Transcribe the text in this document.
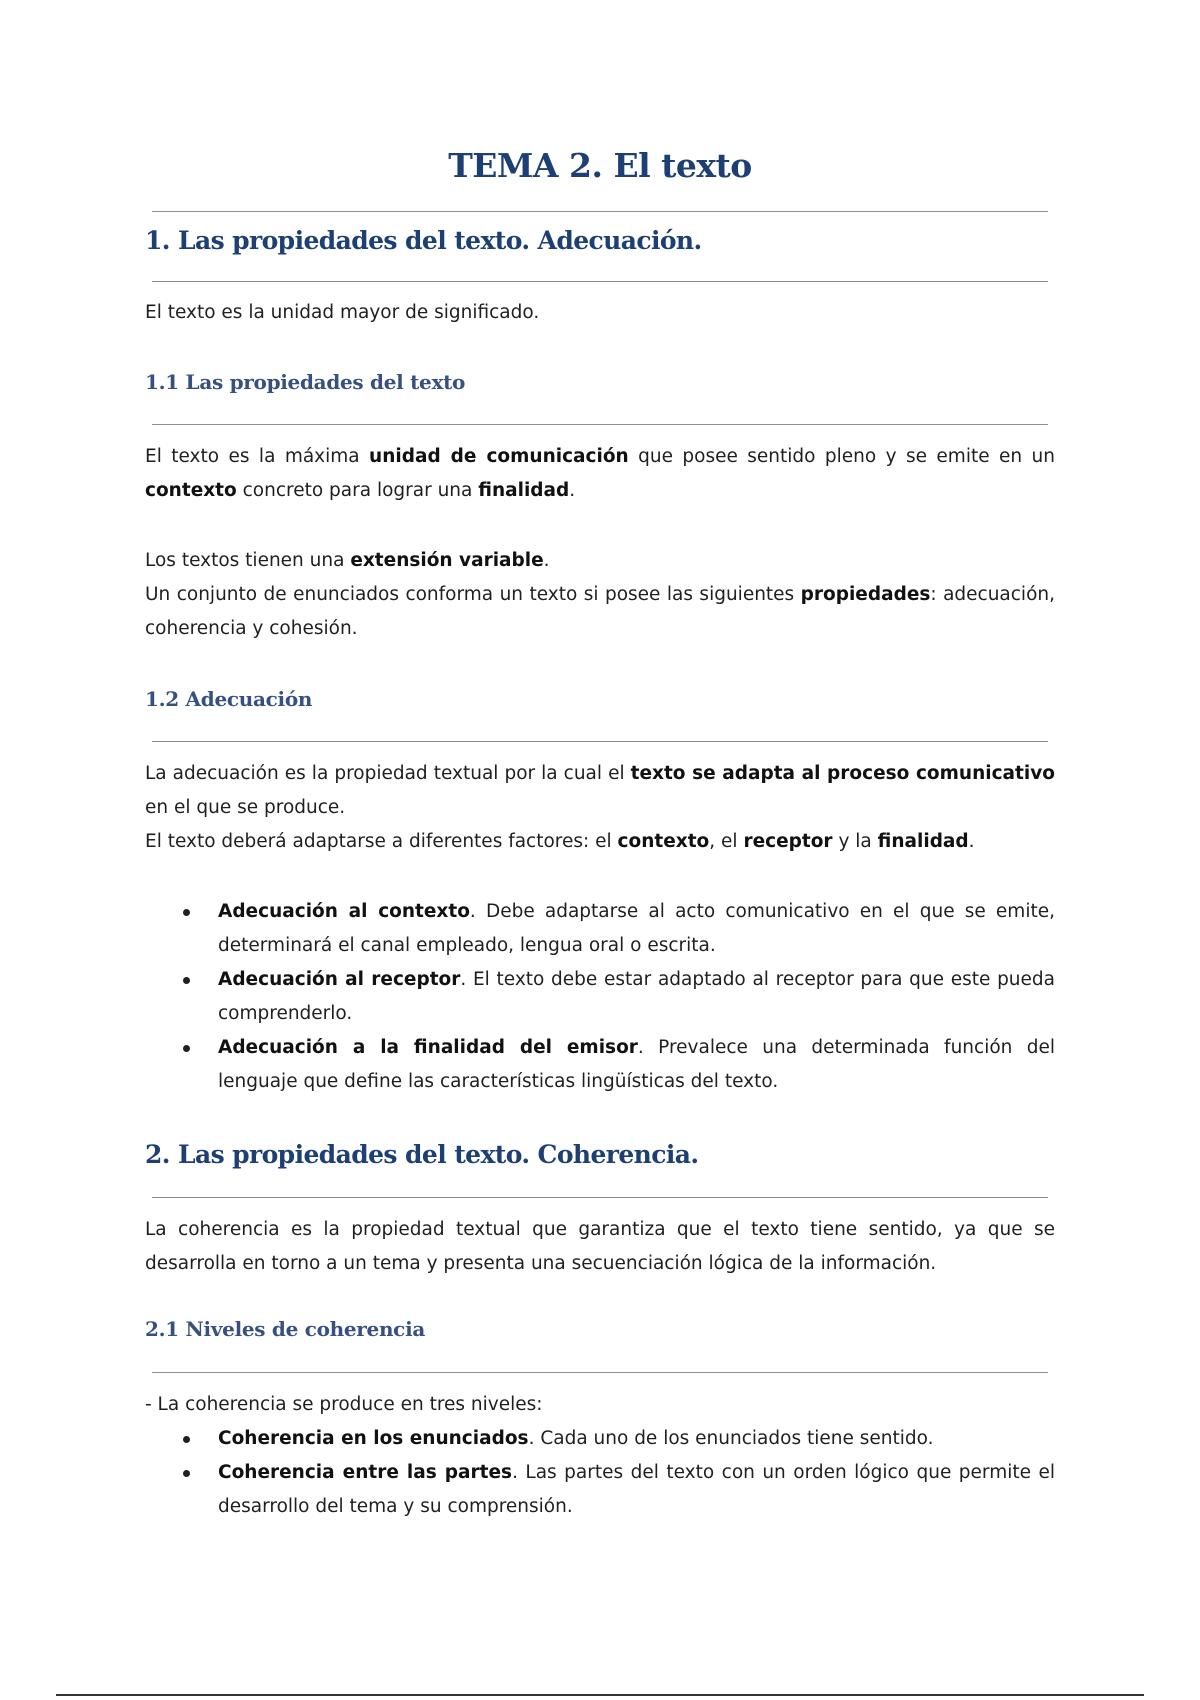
TEMA 2. El texto
1. Las propiedades del texto. Adecuación.

El texto es la unidad mayor de significado.

1.1 Las propiedades del texto

El texto es la máxima unidad de comunicación que posee sentido pleno y se emite en un contexto concreto para lograr una finalidad.

Los textos tienen una extensión variable.

Un conjunto de enunciados conforma un texto si posee las siguientes propiedades: adecuación, coherencia y cohesión.

1.2 Adecuación

La adecuación es la propiedad textual por la cual el texto se adapta al proceso comunicativo en el que se produce.

El texto deberá adaptarse a diferentes factores: el contexto, el receptor y la finalidad.

Adecuación al contexto. Debe adaptarse al acto comunicativo en el que se emite, determinará el canal empleado, lengua oral o escrita.
Adecuación al receptor. El texto debe estar adaptado al receptor para que este pueda comprenderlo.
Adecuación a la finalidad del emisor. Prevalece una determinada función del lenguaje que define las características lingüísticas del texto.
2. Las propiedades del texto. Coherencia.

La coherencia es la propiedad textual que garantiza que el texto tiene sentido, ya que se desarrolla en torno a un tema y presenta una secuenciación lógica de la información.

2.1 Niveles de coherencia

- La coherencia se produce en tres niveles:

Coherencia en los enunciados. Cada uno de los enunciados tiene sentido.
Coherencia entre las partes. Las partes del texto con un orden lógico que permite el desarrollo del tema y su comprensión.
